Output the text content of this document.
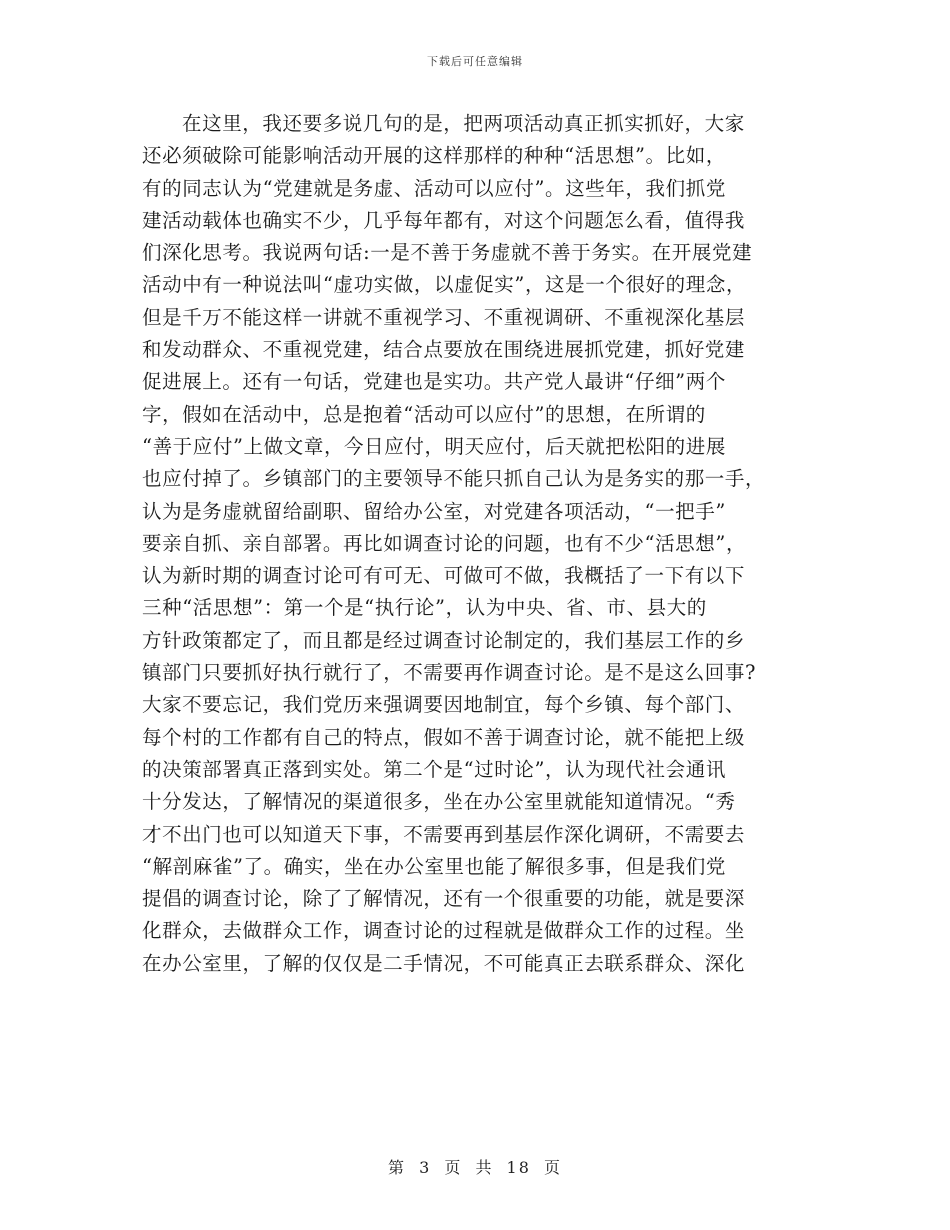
下载后可任意编辑
在这里，我还要多说几句的是，把两项活动真正抓实抓好，大家
还必须破除可能影响活动开展的这样那样的种种“活思想”。比如，
有的同志认为“党建就是务虚、活动可以应付”。这些年，我们抓党
建活动载体也确实不少，几乎每年都有，对这个问题怎么看，值得我
们深化思考。我说两句话:一是不善于务虚就不善于务实。在开展党建
活动中有一种说法叫“虚功实做，以虚促实”，这是一个很好的理念，
但是千万不能这样一讲就不重视学习、不重视调研、不重视深化基层
和发动群众、不重视党建，结合点要放在围绕进展抓党建，抓好党建
促进展上。还有一句话，党建也是实功。共产党人最讲“仔细”两个
字，假如在活动中，总是抱着“活动可以应付”的思想，在所谓的
“善于应付”上做文章，今日应付，明天应付，后天就把松阳的进展
也应付掉了。乡镇部门的主要领导不能只抓自己认为是务实的那一手，
认为是务虚就留给副职、留给办公室，对党建各项活动，“一把手”
要亲自抓、亲自部署。再比如调查讨论的问题，也有不少“活思想”，
认为新时期的调查讨论可有可无、可做可不做，我概括了一下有以下
三种“活思想”：第一个是“执行论”，认为中央、省、市、县大的
方针政策都定了，而且都是经过调查讨论制定的，我们基层工作的乡
镇部门只要抓好执行就行了，不需要再作调查讨论。是不是这么回事?
大家不要忘记，我们党历来强调要因地制宜，每个乡镇、每个部门、
每个村的工作都有自己的特点，假如不善于调查讨论，就不能把上级
的决策部署真正落到实处。第二个是“过时论”，认为现代社会通讯
十分发达，了解情况的渠道很多，坐在办公室里就能知道情况。“秀
才不出门也可以知道天下事，不需要再到基层作深化调研，不需要去
“解剖麻雀”了。确实，坐在办公室里也能了解很多事，但是我们党
提倡的调查讨论，除了了解情况，还有一个很重要的功能，就是要深
化群众，去做群众工作，调查讨论的过程就是做群众工作的过程。坐
在办公室里，了解的仅仅是二手情况，不可能真正去联系群众、深化
第 3 页 共 18 页
